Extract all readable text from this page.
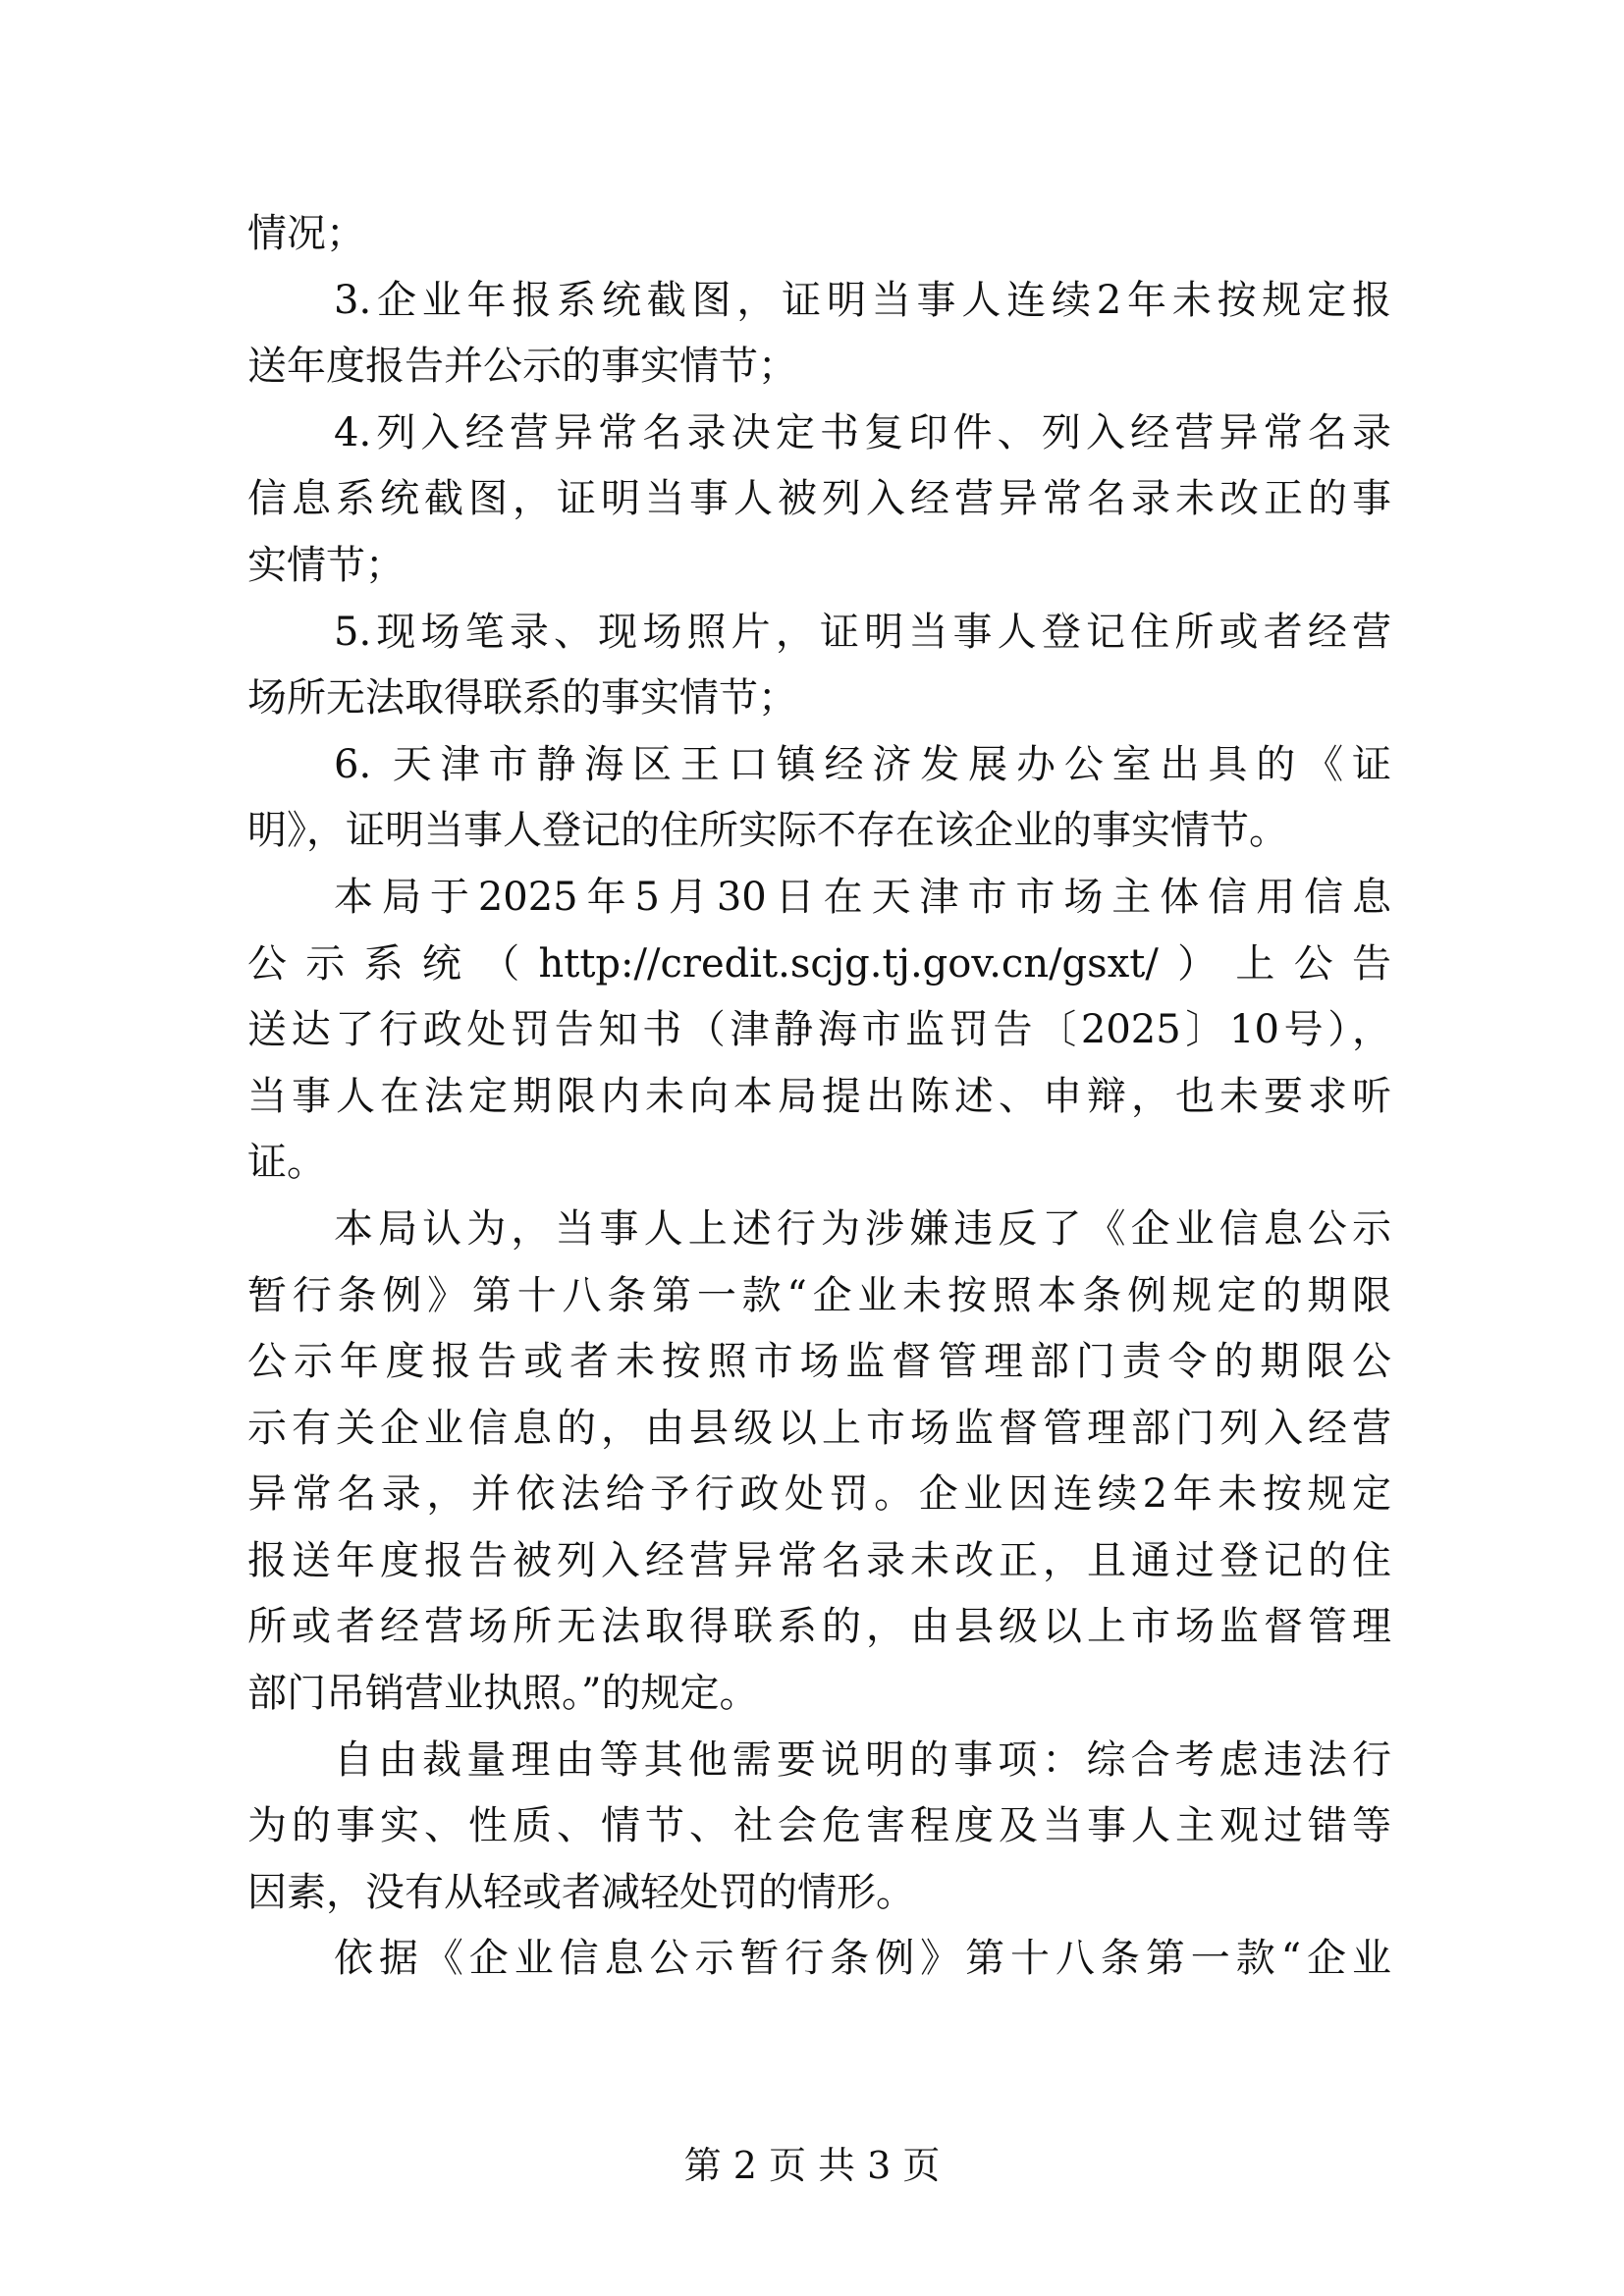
情况；
3.企业年报系统截图，证明当事人连续2年未按规定报
送年度报告并公示的事实情节；
4.列入经营异常名录决定书复印件、列入经营异常名录
信息系统截图，证明当事人被列入经营异常名录未改正的事
实情节；
5.现场笔录、现场照片，证明当事人登记住所或者经营
场所无法取得联系的事实情节；
6. 天津市静海区王口镇经济发展办公室出具的《证
明》，证明当事人登记的住所实际不存在该企业的事实情节。
本局于2025年5月30日在天津市市场主体信用信息
公示系统（http://credit.scjg.tj.gov.cn/gsxt/）上公告
送达了行政处罚告知书（津静海市监罚告〔2025〕10号），
当事人在法定期限内未向本局提出陈述、申辩，也未要求听
证。
本局认为，当事人上述行为涉嫌违反了《企业信息公示
暂行条例》第十八条第一款“企业未按照本条例规定的期限
公示年度报告或者未按照市场监督管理部门责令的期限公
示有关企业信息的，由县级以上市场监督管理部门列入经营
异常名录，并依法给予行政处罚。企业因连续2年未按规定
报送年度报告被列入经营异常名录未改正，且通过登记的住
所或者经营场所无法取得联系的，由县级以上市场监督管理
部门吊销营业执照。”的规定。
自由裁量理由等其他需要说明的事项：综合考虑违法行
为的事实、性质、情节、社会危害程度及当事人主观过错等
因素，没有从轻或者减轻处罚的情形。
依据《企业信息公示暂行条例》第十八条第一款“企业
第 2 页 共 3 页
